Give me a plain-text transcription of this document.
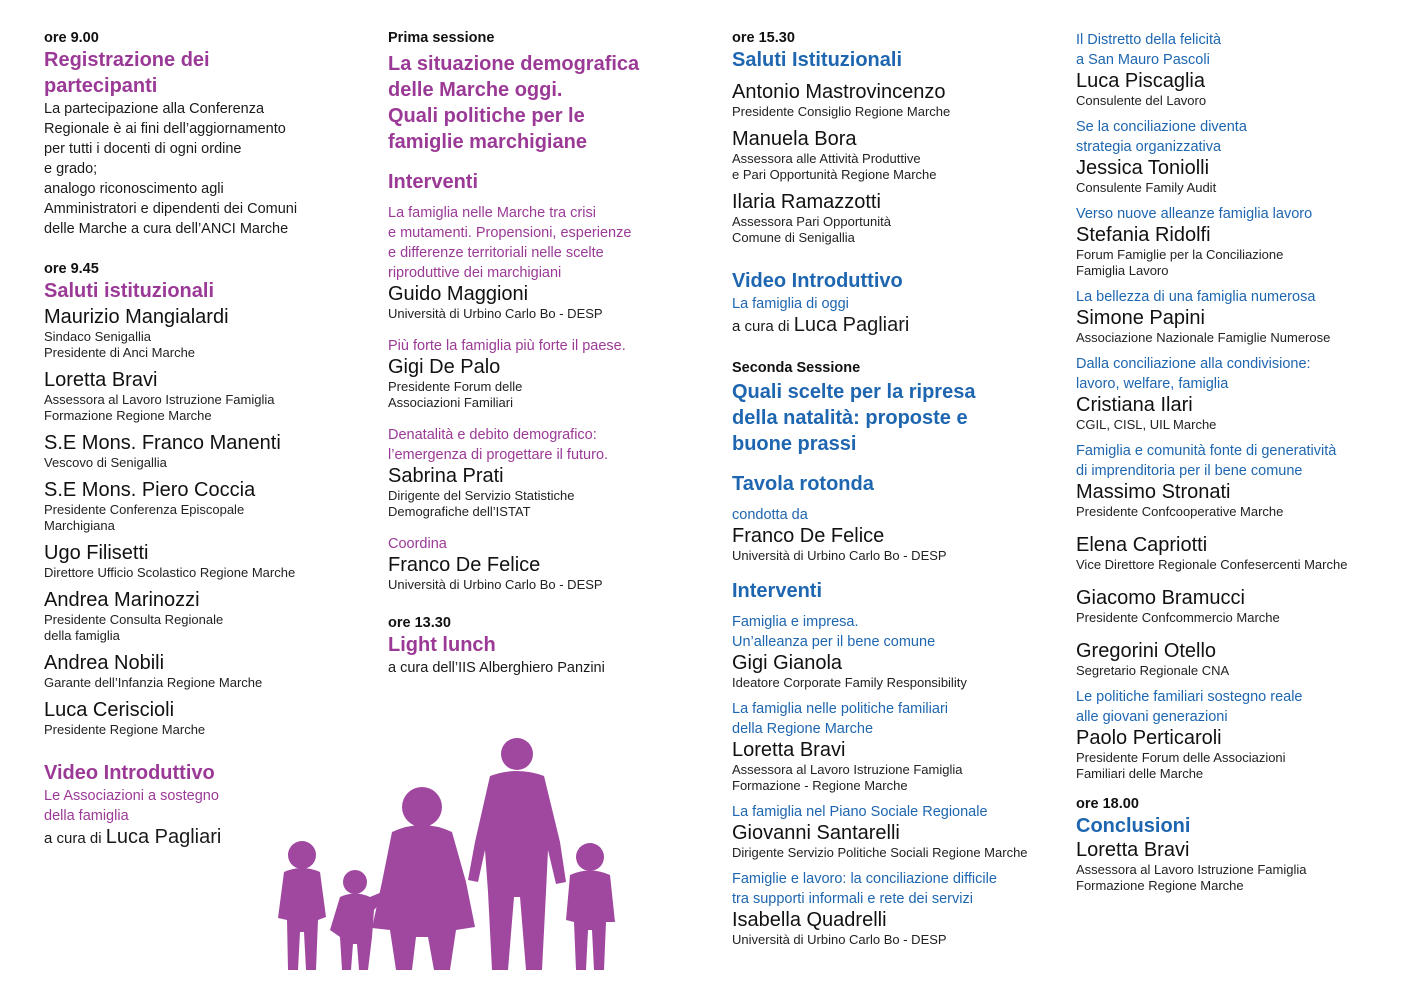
ore 9.00
Registrazione dei
partecipanti
La partecipazione alla Conferenza
Regionale è ai fini dell’aggiornamento
per tutti i docenti di ogni ordine
e grado;
analogo riconoscimento agli
Amministratori e dipendenti dei Comuni
delle Marche a cura dell’ANCI Marche
ore 9.45
Saluti istituzionali
Maurizio Mangialardi
Sindaco Senigallia
Presidente di Anci Marche
Loretta Bravi
Assessora al Lavoro Istruzione Famiglia
Formazione Regione Marche
S.E Mons. Franco Manenti
Vescovo di Senigallia
S.E Mons. Piero Coccia
Presidente Conferenza Episcopale
Marchigiana
Ugo Filisetti
Direttore Ufficio Scolastico Regione Marche
Andrea Marinozzi
Presidente Consulta Regionale
della famiglia
Andrea Nobili
Garante dell’Infanzia Regione Marche
Luca Ceriscioli
Presidente Regione Marche
Video Introduttivo
Le Associazioni a sostegno
della famiglia
a cura di Luca Pagliari
Prima sessione
La situazione demografica
delle Marche oggi.
Quali politiche per le
famiglie marchigiane
Interventi
La famiglia nelle Marche tra crisi
e mutamenti. Propensioni, esperienze
e differenze territoriali nelle scelte
riproduttive dei marchigiani
Guido Maggioni
Università di Urbino Carlo Bo - DESP
Più forte la famiglia più forte il paese.
Gigi De Palo
Presidente Forum delle
Associazioni Familiari
Denatalità e debito demografico:
l’emergenza di progettare il futuro.
Sabrina Prati
Dirigente del Servizio Statistiche
Demografiche dell’ISTAT
Coordina
Franco De Felice
Università di Urbino Carlo Bo - DESP
ore 13.30
Light lunch
a cura dell’IIS Alberghiero Panzini
ore 15.30
Saluti Istituzionali
Antonio Mastrovincenzo
Presidente Consiglio Regione Marche
Manuela Bora
Assessora alle Attività Produttive
e Pari Opportunità Regione Marche
Ilaria Ramazzotti
Assessora Pari Opportunità
Comune di Senigallia
Video Introduttivo
La famiglia di oggi
a cura di Luca Pagliari
Seconda Sessione
Quali scelte per la ripresa
della natalità: proposte e
buone prassi
Tavola rotonda
condotta da
Franco De Felice
Università di Urbino Carlo Bo - DESP
Interventi
Famiglia e impresa.
Un’alleanza per il bene comune
Gigi Gianola
Ideatore Corporate Family Responsibility
La famiglia nelle politiche familiari
della Regione Marche
Loretta Bravi
Assessora al Lavoro Istruzione Famiglia
Formazione - Regione Marche
La famiglia nel Piano Sociale Regionale
Giovanni Santarelli
Dirigente Servizio Politiche Sociali Regione Marche
Famiglie e lavoro: la conciliazione difficile
tra supporti informali e rete dei servizi
Isabella Quadrelli
Università di Urbino Carlo Bo - DESP
Il Distretto della felicità
a San Mauro Pascoli
Luca Piscaglia
Consulente del Lavoro
Se la conciliazione diventa
strategia organizzativa
Jessica Toniolli
Consulente Family Audit
Verso nuove alleanze famiglia lavoro
Stefania Ridolfi
Forum Famiglie per la Conciliazione
Famiglia Lavoro
La bellezza di una famiglia numerosa
Simone Papini
Associazione Nazionale Famiglie Numerose
Dalla conciliazione alla condivisione:
lavoro, welfare, famiglia
Cristiana Ilari
CGIL, CISL, UIL Marche
Famiglia e comunità fonte di generatività
di imprenditoria per il bene comune
Massimo Stronati
Presidente Confcooperative Marche
Elena Capriotti
Vice Direttore Regionale Confesercenti Marche
Giacomo Bramucci
Presidente Confcommercio Marche
Gregorini Otello
Segretario Regionale CNA
Le politiche familiari sostegno reale
alle giovani generazioni
Paolo Perticaroli
Presidente Forum delle Associazioni
Familiari delle Marche
ore 18.00
Conclusioni
Loretta Bravi
Assessora al Lavoro Istruzione Famiglia
Formazione Regione Marche
